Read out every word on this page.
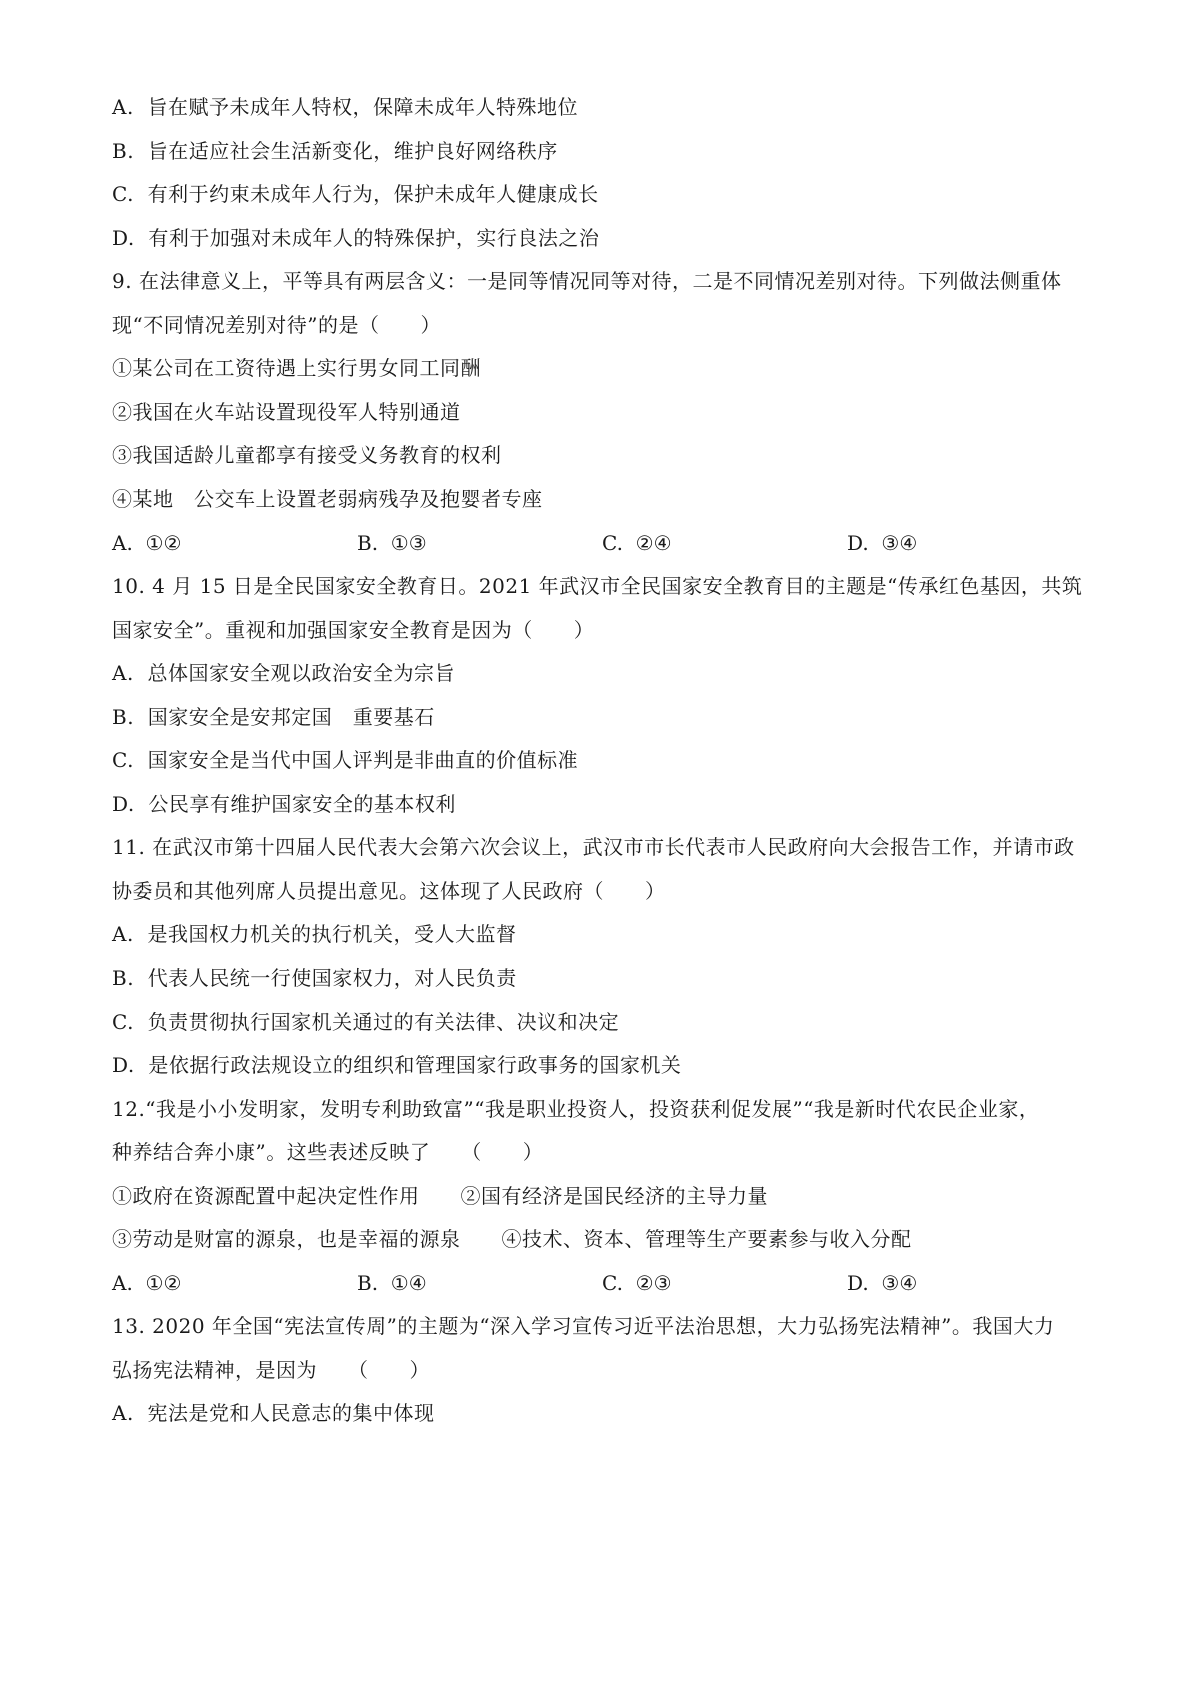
A.  旨在赋予未成年人特权，保障未成年人特殊地位
B.  旨在适应社会生活新变化，维护良好网络秩序
C.  有利于约束未成年人行为，保护未成年人健康成长
D.  有利于加强对未成年人的特殊保护，实行良法之治
9. 在法律意义上，平等具有两层含义：一是同等情况同等对待，二是不同情况差别对待。下列做法侧重体
现“不同情况差别对待”的是（　　）
①某公司在工资待遇上实行男女同工同酬
②我国在火车站设置现役军人特别通道
③我国适龄儿童都享有接受义务教育的权利
④某地　公交车上设置老弱病残孕及抱婴者专座
A.  ①②	B.  ①③	C.  ②④	D.  ③④
10. 4 月 15 日是全民国家安全教育日。2021 年武汉市全民国家安全教育目的主题是“传承红色基因，共筑
国家安全”。重视和加强国家安全教育是因为（　　）
A.  总体国家安全观以政治安全为宗旨
B.  国家安全是安邦定国　重要基石
C.  国家安全是当代中国人评判是非曲直的价值标准
D.  公民享有维护国家安全的基本权利
11. 在武汉市第十四届人民代表大会第六次会议上，武汉市市长代表市人民政府向大会报告工作，并请市政
协委员和其他列席人员提出意见。这体现了人民政府（　　）
A.  是我国权力机关的执行机关，受人大监督
B.  代表人民统一行使国家权力，对人民负责
C.  负责贯彻执行国家机关通过的有关法律、决议和决定
D.  是依据行政法规设立的组织和管理国家行政事务的国家机关
12.“我是小小发明家，发明专利助致富”“我是职业投资人，投资获利促发展”“我是新时代农民企业家，
种养结合奔小康”。这些表述反映了　　（　　）
①政府在资源配置中起决定性作用　　②国有经济是国民经济的主导力量
③劳动是财富的源泉，也是幸福的源泉　　④技术、资本、管理等生产要素参与收入分配
A.  ①②	B.  ①④	C.  ②③	D.  ③④
13. 2020 年全国“宪法宣传周”的主题为“深入学习宣传习近平法治思想，大力弘扬宪法精神”。我国大力
弘扬宪法精神，是因为　　（　　）
A.  宪法是党和人民意志的集中体现
